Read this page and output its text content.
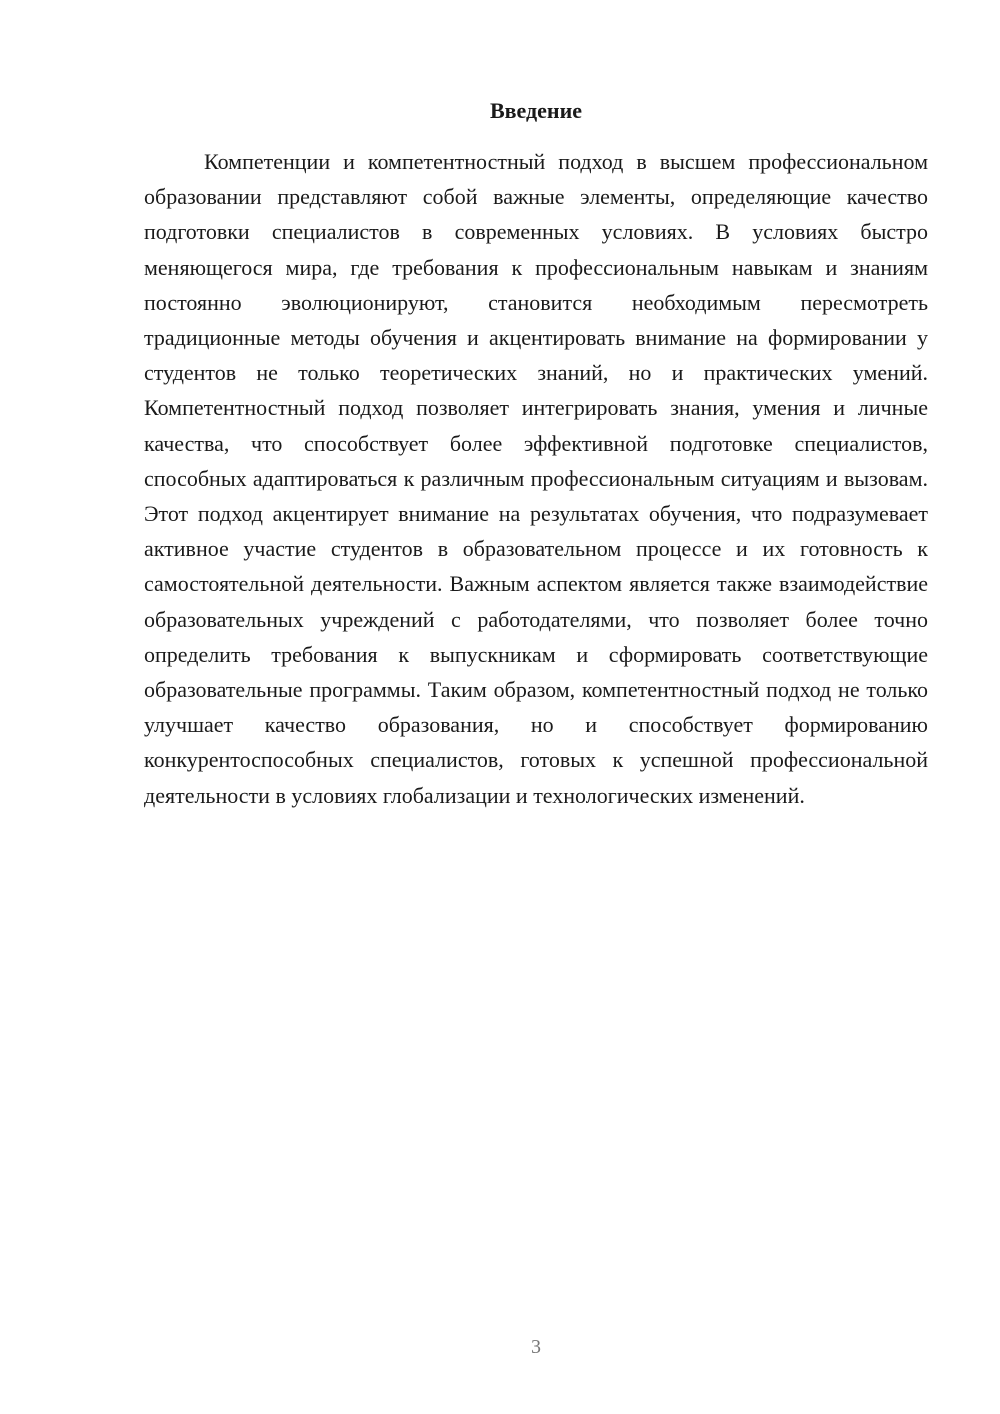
Введение

Компетенции и компетентностный подход в высшем профессиональном образовании представляют собой важные элементы, определяющие качество подготовки специалистов в современных условиях. В условиях быстро меняющегося мира, где требования к профессиональным навыкам и знаниям постоянно эволюционируют, становится необходимым пересмотреть традиционные методы обучения и акцентировать внимание на формировании у студентов не только теоретических знаний, но и практических умений. Компетентностный подход позволяет интегрировать знания, умения и личные качества, что способствует более эффективной подготовке специалистов, способных адаптироваться к различным профессиональным ситуациям и вызовам. Этот подход акцентирует внимание на результатах обучения, что подразумевает активное участие студентов в образовательном процессе и их готовность к самостоятельной деятельности. Важным аспектом является также взаимодействие образовательных учреждений с работодателями, что позволяет более точно определить требования к выпускникам и сформировать соответствующие образовательные программы. Таким образом, компетентностный подход не только улучшает качество образования, но и способствует формированию конкурентоспособных специалистов, готовых к успешной профессиональной деятельности в условиях глобализации и технологических изменений.

3
